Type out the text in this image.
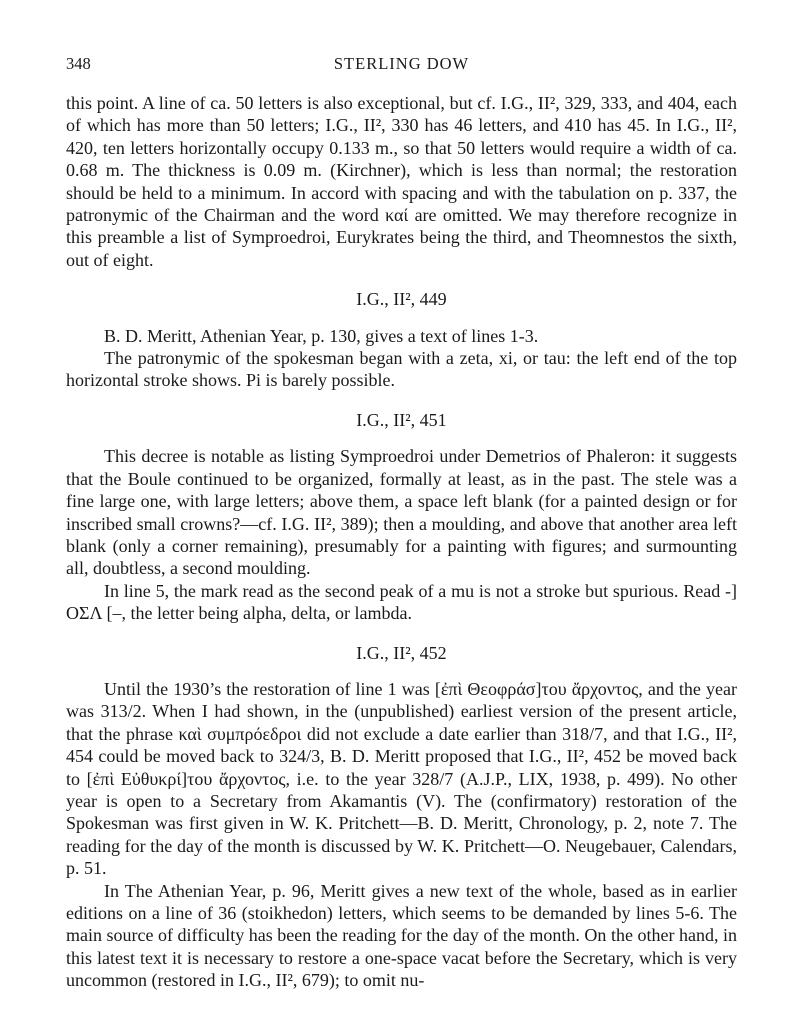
348	STERLING DOW

this point. A line of ca. 50 letters is also exceptional, but cf. I.G., II², 329, 333, and 404, each of which has more than 50 letters; I.G., II², 330 has 46 letters, and 410 has 45. In I.G., II², 420, ten letters horizontally occupy 0.133 m., so that 50 letters would require a width of ca. 0.68 m. The thickness is 0.09 m. (Kirchner), which is less than normal; the restoration should be held to a minimum. In accord with spacing and with the tabulation on p. 337, the patronymic of the Chairman and the word καί are omitted. We may therefore recognize in this preamble a list of Symproedroi, Eurykrates being the third, and Theomnestos the sixth, out of eight.

I.G., II², 449

B. D. Meritt, Athenian Year, p. 130, gives a text of lines 1-3.

The patronymic of the spokesman began with a zeta, xi, or tau: the left end of the top horizontal stroke shows. Pi is barely possible.

I.G., II², 451

This decree is notable as listing Symproedroi under Demetrios of Phaleron: it suggests that the Boule continued to be organized, formally at least, as in the past. The stele was a fine large one, with large letters; above them, a space left blank (for a painted design or for inscribed small crowns?—cf. I.G. II², 389); then a moulding, and above that another area left blank (only a corner remaining), presumably for a painting with figures; and surmounting all, doubtless, a second moulding.

In line 5, the mark read as the second peak of a mu is not a stroke but spurious. Read -] ΟΣΛ [–, the letter being alpha, delta, or lambda.

I.G., II², 452

Until the 1930’s the restoration of line 1 was [ἐπὶ Θεοφράσ]του ἄρχοντος, and the year was 313/2. When I had shown, in the (unpublished) earliest version of the present article, that the phrase καὶ συμπρόεδροι did not exclude a date earlier than 318/7, and that I.G., II², 454 could be moved back to 324/3, B. D. Meritt proposed that I.G., II², 452 be moved back to [ἐπὶ Εὐθυκρί]του ἄρχοντος, i.e. to the year 328/7 (A.J.P., LIX, 1938, p. 499). No other year is open to a Secretary from Akamantis (V). The (confirmatory) restoration of the Spokesman was first given in W. K. Pritchett—B. D. Meritt, Chronology, p. 2, note 7. The reading for the day of the month is discussed by W. K. Pritchett—O. Neugebauer, Calendars, p. 51.

In The Athenian Year, p. 96, Meritt gives a new text of the whole, based as in earlier editions on a line of 36 (stoikhedon) letters, which seems to be demanded by lines 5-6. The main source of difficulty has been the reading for the day of the month. On the other hand, in this latest text it is necessary to restore a one-space vacat before the Secretary, which is very uncommon (restored in I.G., II², 679); to omit nu-
